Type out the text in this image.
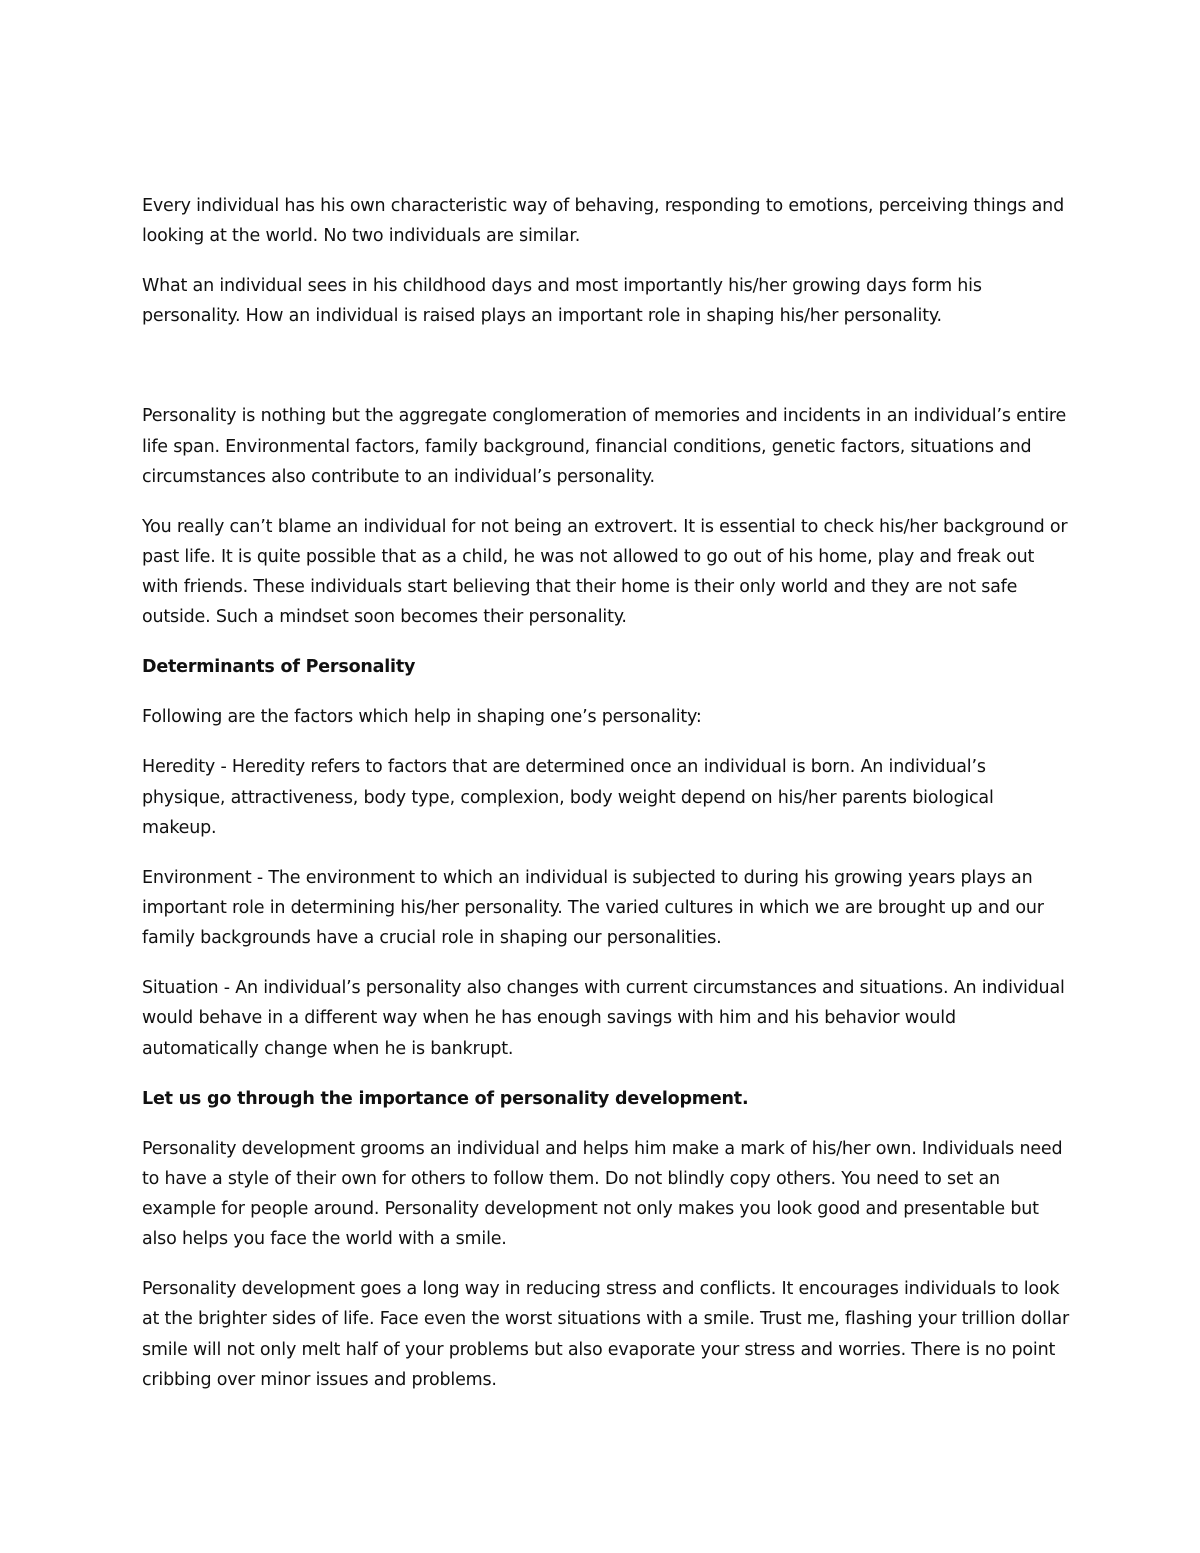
Every individual has his own characteristic way of behaving, responding to emotions, perceiving things and looking at the world. No two individuals are similar.

What an individual sees in his childhood days and most importantly his/her growing days form his personality. How an individual is raised plays an important role in shaping his/her personality.

Personality is nothing but the aggregate conglomeration of memories and incidents in an individual’s entire life span. Environmental factors, family background, financial conditions, genetic factors, situations and circumstances also contribute to an individual’s personality.

You really can’t blame an individual for not being an extrovert. It is essential to check his/her background or past life. It is quite possible that as a child, he was not allowed to go out of his home, play and freak out with friends. These individuals start believing that their home is their only world and they are not safe outside. Such a mindset soon becomes their personality.

Determinants of Personality

Following are the factors which help in shaping one’s personality:

Heredity - Heredity refers to factors that are determined once an individual is born. An individual’s physique, attractiveness, body type, complexion, body weight depend on his/her parents biological makeup.

Environment - The environment to which an individual is subjected to during his growing years plays an important role in determining his/her personality. The varied cultures in which we are brought up and our family backgrounds have a crucial role in shaping our personalities.

Situation - An individual’s personality also changes with current circumstances and situations. An individual would behave in a different way when he has enough savings with him and his behavior would automatically change when he is bankrupt.

Let us go through the importance of personality development.

Personality development grooms an individual and helps him make a mark of his/her own. Individuals need to have a style of their own for others to follow them. Do not blindly copy others. You need to set an example for people around. Personality development not only makes you look good and presentable but also helps you face the world with a smile.

Personality development goes a long way in reducing stress and conflicts. It encourages individuals to look at the brighter sides of life. Face even the worst situations with a smile. Trust me, flashing your trillion dollar smile will not only melt half of your problems but also evaporate your stress and worries. There is no point cribbing over minor issues and problems.
